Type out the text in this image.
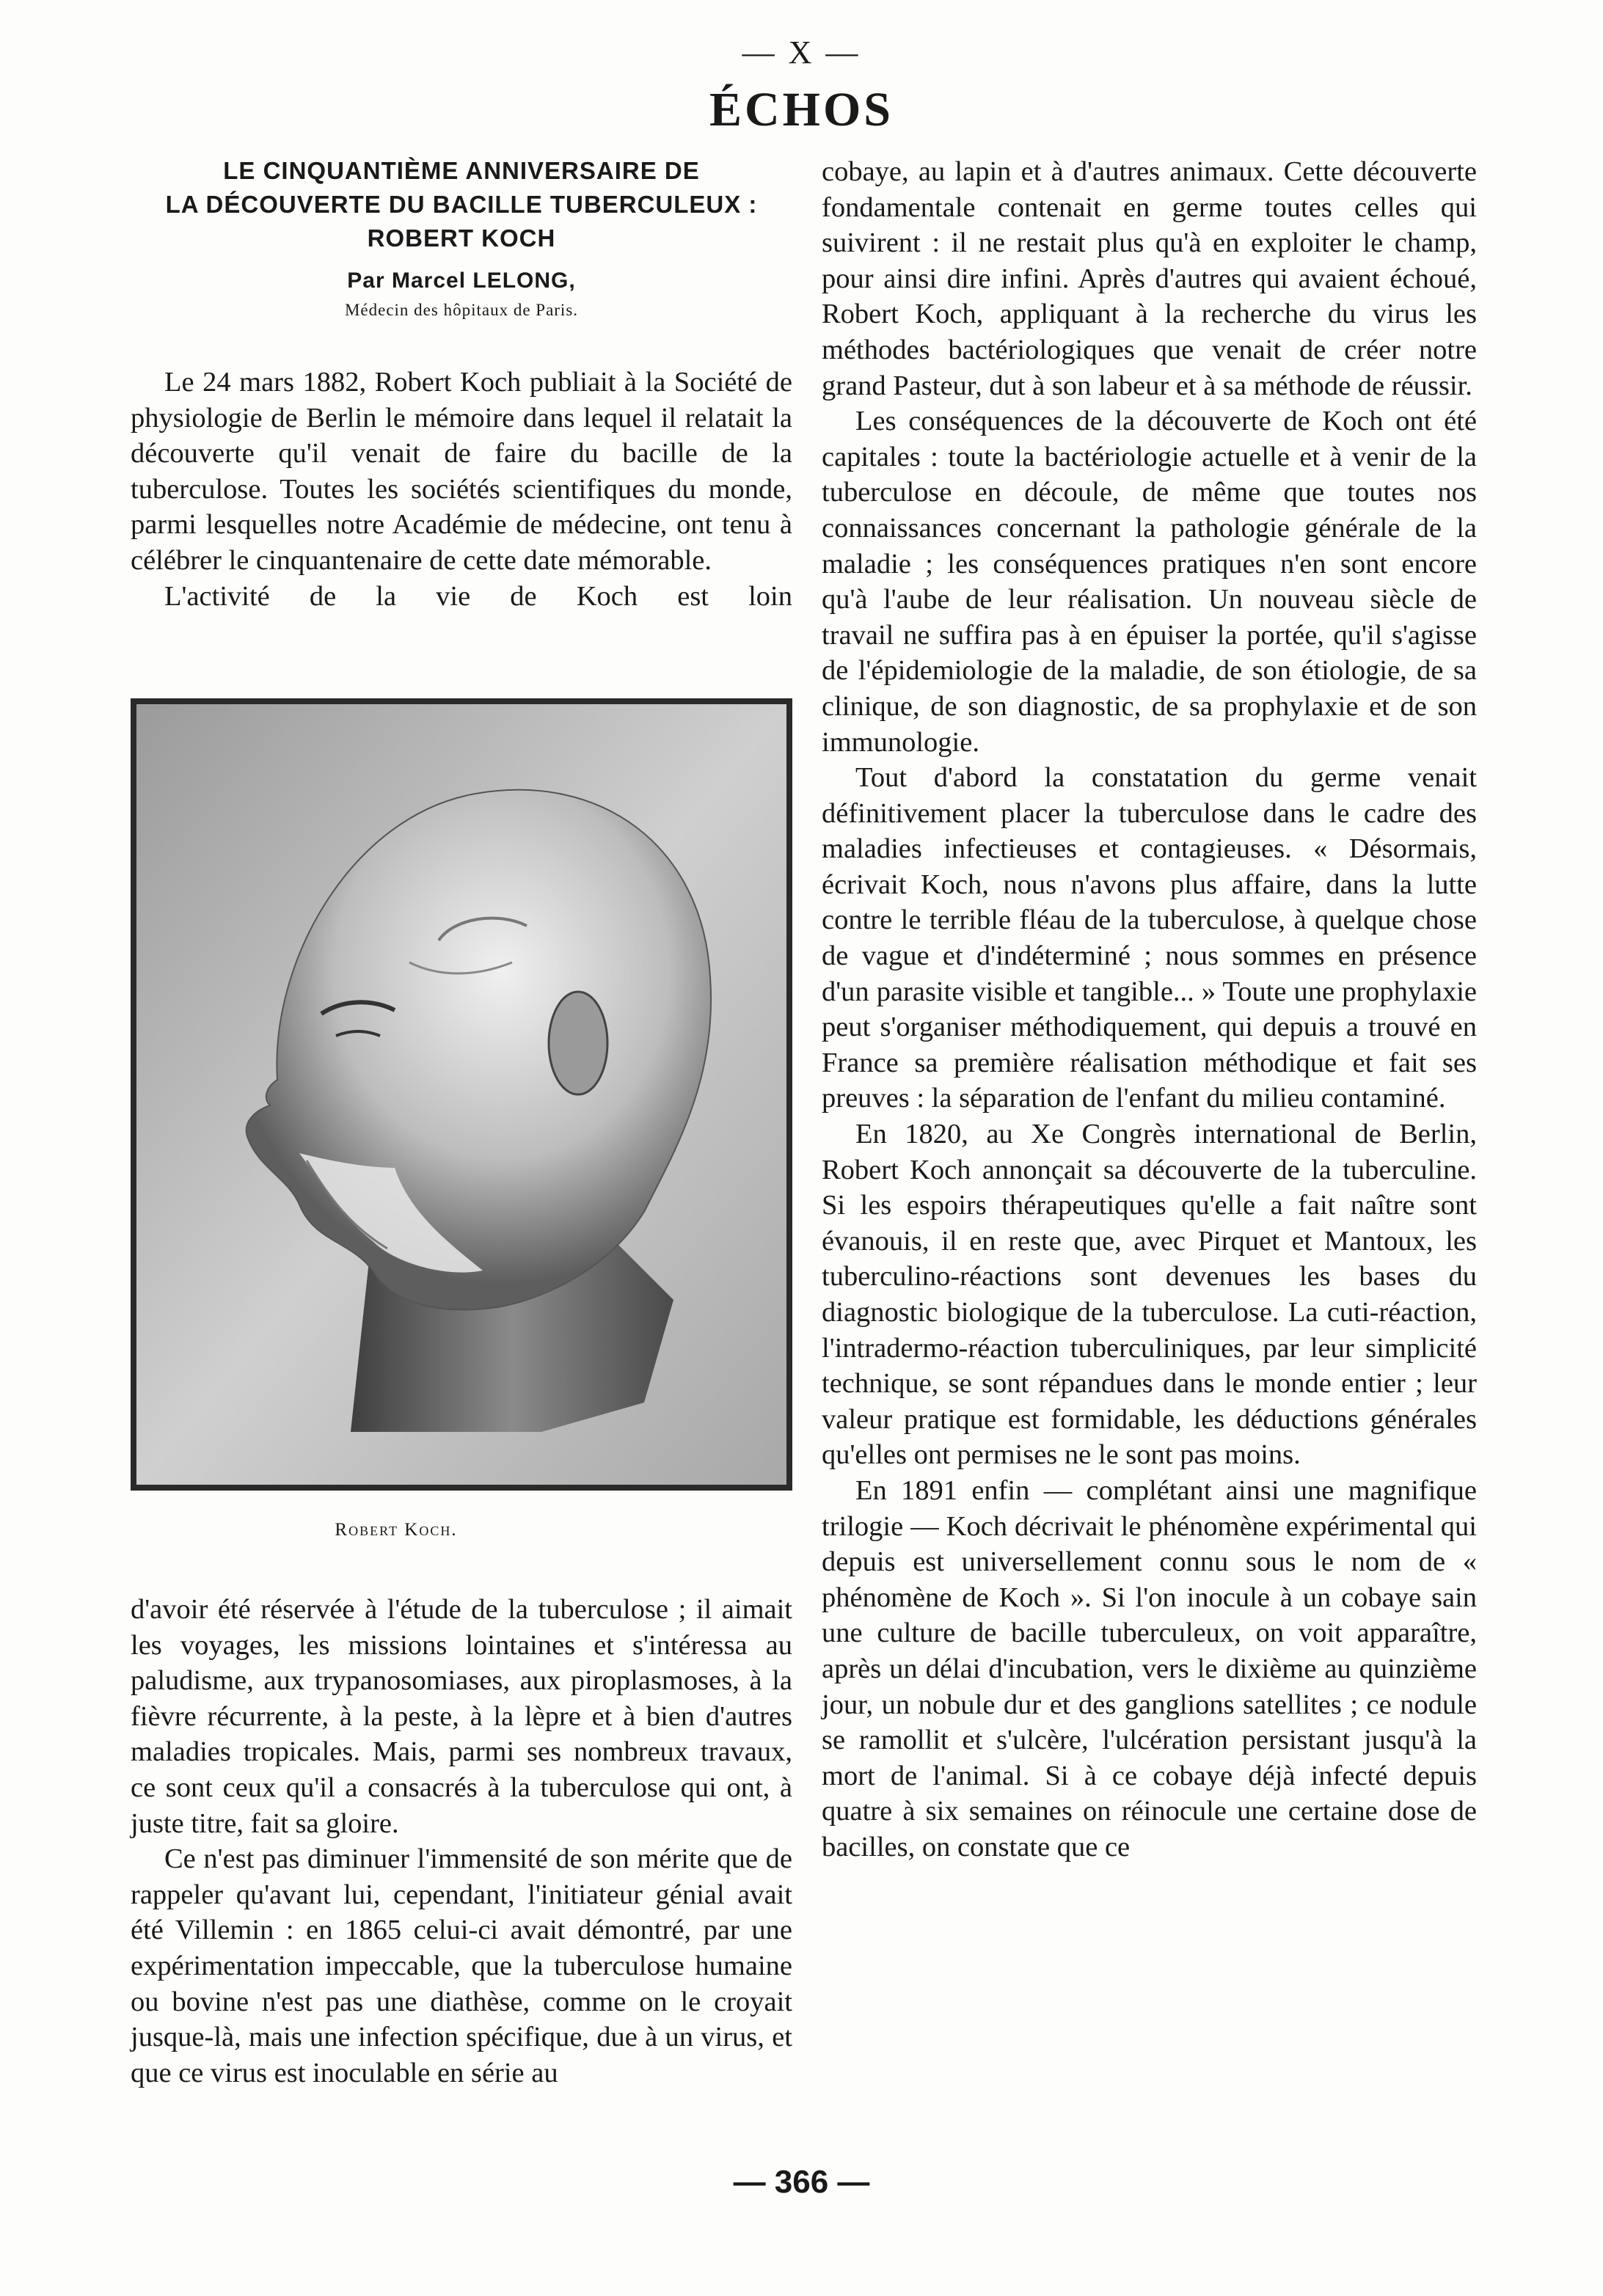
— X —
ÉCHOS

LE CINQUANTIÈME ANNIVERSAIRE DE

LA DÉCOUVERTE DU BACILLE TUBERCULEUX :

ROBERT KOCH

Par Marcel LELONG,

Médecin des hôpitaux de Paris.

Le 24 mars 1882, Robert Koch publiait à la Société de physiologie de Berlin le mémoire dans lequel il relatait la découverte qu'il venait de faire du bacille de la tuberculose. Toutes les sociétés scientifiques du monde, parmi lesquelles notre Académie de médecine, ont tenu à célébrer le cinquantenaire de cette date mémorable.

L'activité de la vie de Koch est loin

Robert Koch.

d'avoir été réservée à l'étude de la tuberculose ; il aimait les voyages, les missions lointaines et s'intéressa au paludisme, aux trypanosomiases, aux piroplasmoses, à la fièvre récurrente, à la peste, à la lèpre et à bien d'autres maladies tropicales. Mais, parmi ses nombreux travaux, ce sont ceux qu'il a consacrés à la tuberculose qui ont, à juste titre, fait sa gloire.

Ce n'est pas diminuer l'immensité de son mérite que de rappeler qu'avant lui, cependant, l'initiateur génial avait été Villemin : en 1865 celui-ci avait démontré, par une expérimentation impeccable, que la tuberculose humaine ou bovine n'est pas une diathèse, comme on le croyait jusque-là, mais une infection spécifique, due à un virus, et que ce virus est inoculable en série au

cobaye, au lapin et à d'autres animaux. Cette découverte fondamentale contenait en germe toutes celles qui suivirent : il ne restait plus qu'à en exploiter le champ, pour ainsi dire infini. Après d'autres qui avaient échoué, Robert Koch, appliquant à la recherche du virus les méthodes bactériologiques que venait de créer notre grand Pasteur, dut à son labeur et à sa méthode de réussir.

Les conséquences de la découverte de Koch ont été capitales : toute la bactériologie actuelle et à venir de la tuberculose en découle, de même que toutes nos connaissances concernant la pathologie générale de la maladie ; les conséquences pratiques n'en sont encore qu'à l'aube de leur réalisation. Un nouveau siècle de travail ne suffira pas à en épuiser la portée, qu'il s'agisse de l'épidemiologie de la maladie, de son étiologie, de sa clinique, de son diagnostic, de sa prophylaxie et de son immunologie.

Tout d'abord la constatation du germe venait définitivement placer la tuberculose dans le cadre des maladies infectieuses et contagieuses. « Désormais, écrivait Koch, nous n'avons plus affaire, dans la lutte contre le terrible fléau de la tuberculose, à quelque chose de vague et d'indéterminé ; nous sommes en présence d'un parasite visible et tangible... » Toute une prophylaxie peut s'organiser méthodiquement, qui depuis a trouvé en France sa première réalisation méthodique et fait ses preuves : la séparation de l'enfant du milieu contaminé.

En 1820, au Xe Congrès international de Berlin, Robert Koch annonçait sa découverte de la tuberculine. Si les espoirs thérapeutiques qu'elle a fait naître sont évanouis, il en reste que, avec Pirquet et Mantoux, les tuberculino-réactions sont devenues les bases du diagnostic biologique de la tuberculose. La cuti-réaction, l'intradermo-réaction tuberculiniques, par leur simplicité technique, se sont répandues dans le monde entier ; leur valeur pratique est formidable, les déductions générales qu'elles ont permises ne le sont pas moins.

En 1891 enfin — complétant ainsi une magnifique trilogie — Koch décrivait le phénomène expérimental qui depuis est universellement connu sous le nom de « phénomène de Koch ». Si l'on inocule à un cobaye sain une culture de bacille tuberculeux, on voit apparaître, après un délai d'incubation, vers le dixième au quinzième jour, un nobule dur et des ganglions satellites ; ce nodule se ramollit et s'ulcère, l'ulcération persistant jusqu'à la mort de l'animal. Si à ce cobaye déjà infecté depuis quatre à six semaines on réinocule une certaine dose de bacilles, on constate que ce

— 366 —
